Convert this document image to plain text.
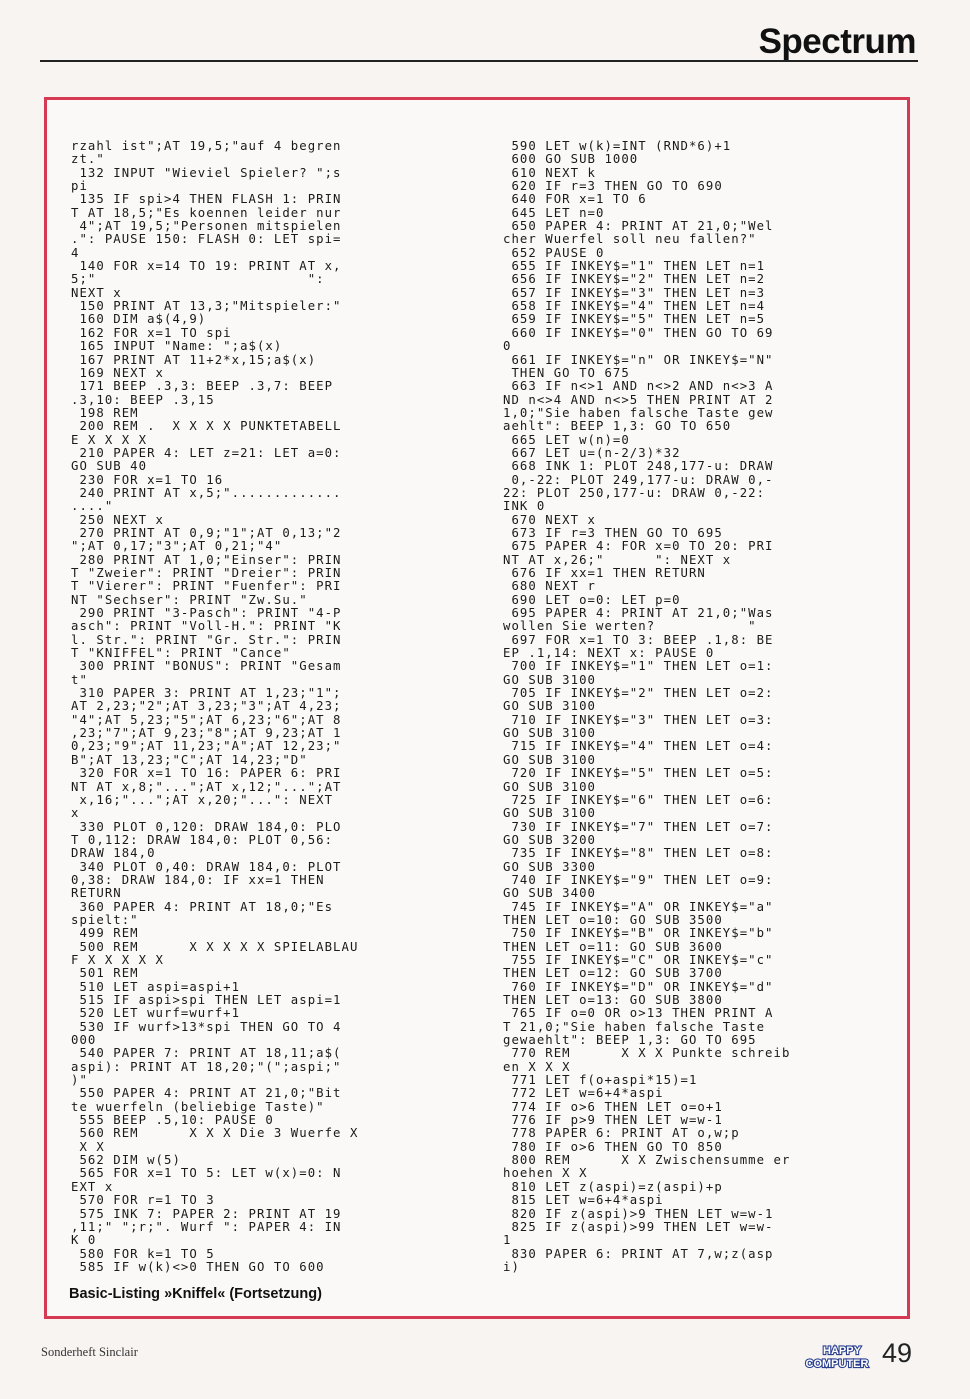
Spectrum
rzahl ist";AT 19,5;"auf 4 begren
zt."
132 INPUT "Wieviel Spieler? ";s
pi
135 IF spi>4 THEN FLASH 1: PRIN
T AT 18,5;"Es koennen leider nur
4";AT 19,5;"Personen mitspielen
.": PAUSE 150: FLASH 0: LET spi=
4
140 FOR x=14 TO 19: PRINT AT x,
5;"                         ":
NEXT x
150 PRINT AT 13,3;"Mitspieler:"
160 DIM a$(4,9)
162 FOR x=1 TO spi
165 INPUT "Name: ";a$(x)
167 PRINT AT 11+2*x,15;a$(x)
169 NEXT x
171 BEEP .3,3: BEEP .3,7: BEEP
.3,10: BEEP .3,15
198 REM
200 REM .  X X X X PUNKTETABELL
E X X X X
210 PAPER 4: LET z=21: LET a=0:
GO SUB 40
230 FOR x=1 TO 16
240 PRINT AT x,5;".............
...."
250 NEXT x
270 PRINT AT 0,9;"1";AT 0,13;"2
";AT 0,17;"3";AT 0,21;"4"
280 PRINT AT 1,0;"Einser": PRIN
T "Zweier": PRINT "Dreier": PRIN
T "Vierer": PRINT "Fuenfer": PRI
NT "Sechser": PRINT "Zw.Su."
290 PRINT "3-Pasch": PRINT "4-P
asch": PRINT "Voll-H.": PRINT "K
l. Str.": PRINT "Gr. Str.": PRIN
T "KNIFFEL": PRINT "Cance"
300 PRINT "BONUS": PRINT "Gesam
t"
310 PAPER 3: PRINT AT 1,23;"1";
AT 2,23;"2";AT 3,23;"3";AT 4,23;
"4";AT 5,23;"5";AT 6,23;"6";AT 8
,23;"7";AT 9,23;"8";AT 9,23;AT 1
0,23;"9";AT 11,23;"A";AT 12,23;"
B";AT 13,23;"C";AT 14,23;"D"
320 FOR x=1 TO 16: PAPER 6: PRI
NT AT x,8;"...";AT x,12;"...";AT
x,16;"...";AT x,20;"...": NEXT
x
330 PLOT 0,120: DRAW 184,0: PLO
T 0,112: DRAW 184,0: PLOT 0,56:
DRAW 184,0
340 PLOT 0,40: DRAW 184,0: PLOT
0,38: DRAW 184,0: IF xx=1 THEN
RETURN
360 PAPER 4: PRINT AT 18,0;"Es
spielt:"
499 REM
500 REM      X X X X X SPIELABLAU
F X X X X X
501 REM
510 LET aspi=aspi+1
515 IF aspi>spi THEN LET aspi=1
520 LET wurf=wurf+1
530 IF wurf>13*spi THEN GO TO 4
000
540 PAPER 7: PRINT AT 18,11;a$(
aspi): PRINT AT 18,20;"(";aspi;"
)"
550 PAPER 4: PRINT AT 21,0;"Bit
te wuerfeln (beliebige Taste)"
555 BEEP .5,10: PAUSE 0
560 REM      X X X Die 3 Wuerfe X
X X
562 DIM w(5)
565 FOR x=1 TO 5: LET w(x)=0: N
EXT x
570 FOR r=1 TO 3
575 INK 7: PAPER 2: PRINT AT 19
,11;" ";r;". Wurf ": PAPER 4: IN
K 0
580 FOR k=1 TO 5
585 IF w(k)<>0 THEN GO TO 600
590 LET w(k)=INT (RND*6)+1
600 GO SUB 1000
610 NEXT k
620 IF r=3 THEN GO TO 690
640 FOR x=1 TO 6
645 LET n=0
650 PAPER 4: PRINT AT 21,0;"Wel
cher Wuerfel soll neu fallen?"
652 PAUSE 0
655 IF INKEY$="1" THEN LET n=1
656 IF INKEY$="2" THEN LET n=2
657 IF INKEY$="3" THEN LET n=3
658 IF INKEY$="4" THEN LET n=4
659 IF INKEY$="5" THEN LET n=5
660 IF INKEY$="0" THEN GO TO 69
0
661 IF INKEY$="n" OR INKEY$="N"
THEN GO TO 675
663 IF n<>1 AND n<>2 AND n<>3 A
ND n<>4 AND n<>5 THEN PRINT AT 2
1,0;"Sie haben falsche Taste gew
aehlt": BEEP 1,3: GO TO 650
665 LET w(n)=0
667 LET u=(n-2/3)*32
668 INK 1: PLOT 248,177-u: DRAW
0,-22: PLOT 249,177-u: DRAW 0,-
22: PLOT 250,177-u: DRAW 0,-22:
INK 0
670 NEXT x
673 IF r=3 THEN GO TO 695
675 PAPER 4: FOR x=0 TO 20: PRI
NT AT x,26;"      ": NEXT x
676 IF xx=1 THEN RETURN
680 NEXT r
690 LET o=0: LET p=0
695 PAPER 4: PRINT AT 21,0;"Was
wollen Sie werten?           "
697 FOR x=1 TO 3: BEEP .1,8: BE
EP .1,14: NEXT x: PAUSE 0
700 IF INKEY$="1" THEN LET o=1:
GO SUB 3100
705 IF INKEY$="2" THEN LET o=2:
GO SUB 3100
710 IF INKEY$="3" THEN LET o=3:
GO SUB 3100
715 IF INKEY$="4" THEN LET o=4:
GO SUB 3100
720 IF INKEY$="5" THEN LET o=5:
GO SUB 3100
725 IF INKEY$="6" THEN LET o=6:
GO SUB 3100
730 IF INKEY$="7" THEN LET o=7:
GO SUB 3200
735 IF INKEY$="8" THEN LET o=8:
GO SUB 3300
740 IF INKEY$="9" THEN LET o=9:
GO SUB 3400
745 IF INKEY$="A" OR INKEY$="a"
THEN LET o=10: GO SUB 3500
750 IF INKEY$="B" OR INKEY$="b"
THEN LET o=11: GO SUB 3600
755 IF INKEY$="C" OR INKEY$="c"
THEN LET o=12: GO SUB 3700
760 IF INKEY$="D" OR INKEY$="d"
THEN LET o=13: GO SUB 3800
765 IF o=0 OR o>13 THEN PRINT A
T 21,0;"Sie haben falsche Taste
gewaehlt": BEEP 1,3: GO TO 695
770 REM      X X X Punkte schreib
en X X X
771 LET f(o+aspi*15)=1
772 LET w=6+4*aspi
774 IF o>6 THEN LET o=o+1
776 IF p>9 THEN LET w=w-1
778 PAPER 6: PRINT AT o,w;p
780 IF o>6 THEN GO TO 850
800 REM      X X Zwischensumme er
hoehen X X
810 LET z(aspi)=z(aspi)+p
815 LET w=6+4*aspi
820 IF z(aspi)>9 THEN LET w=w-1
825 IF z(aspi)>99 THEN LET w=w-
1
830 PAPER 6: PRINT AT 7,w;z(asp
i)
Basic-Listing »Kniffel« (Fortsetzung)
Sonderheft Sinclair	HAPPY
COMPUTER 49
